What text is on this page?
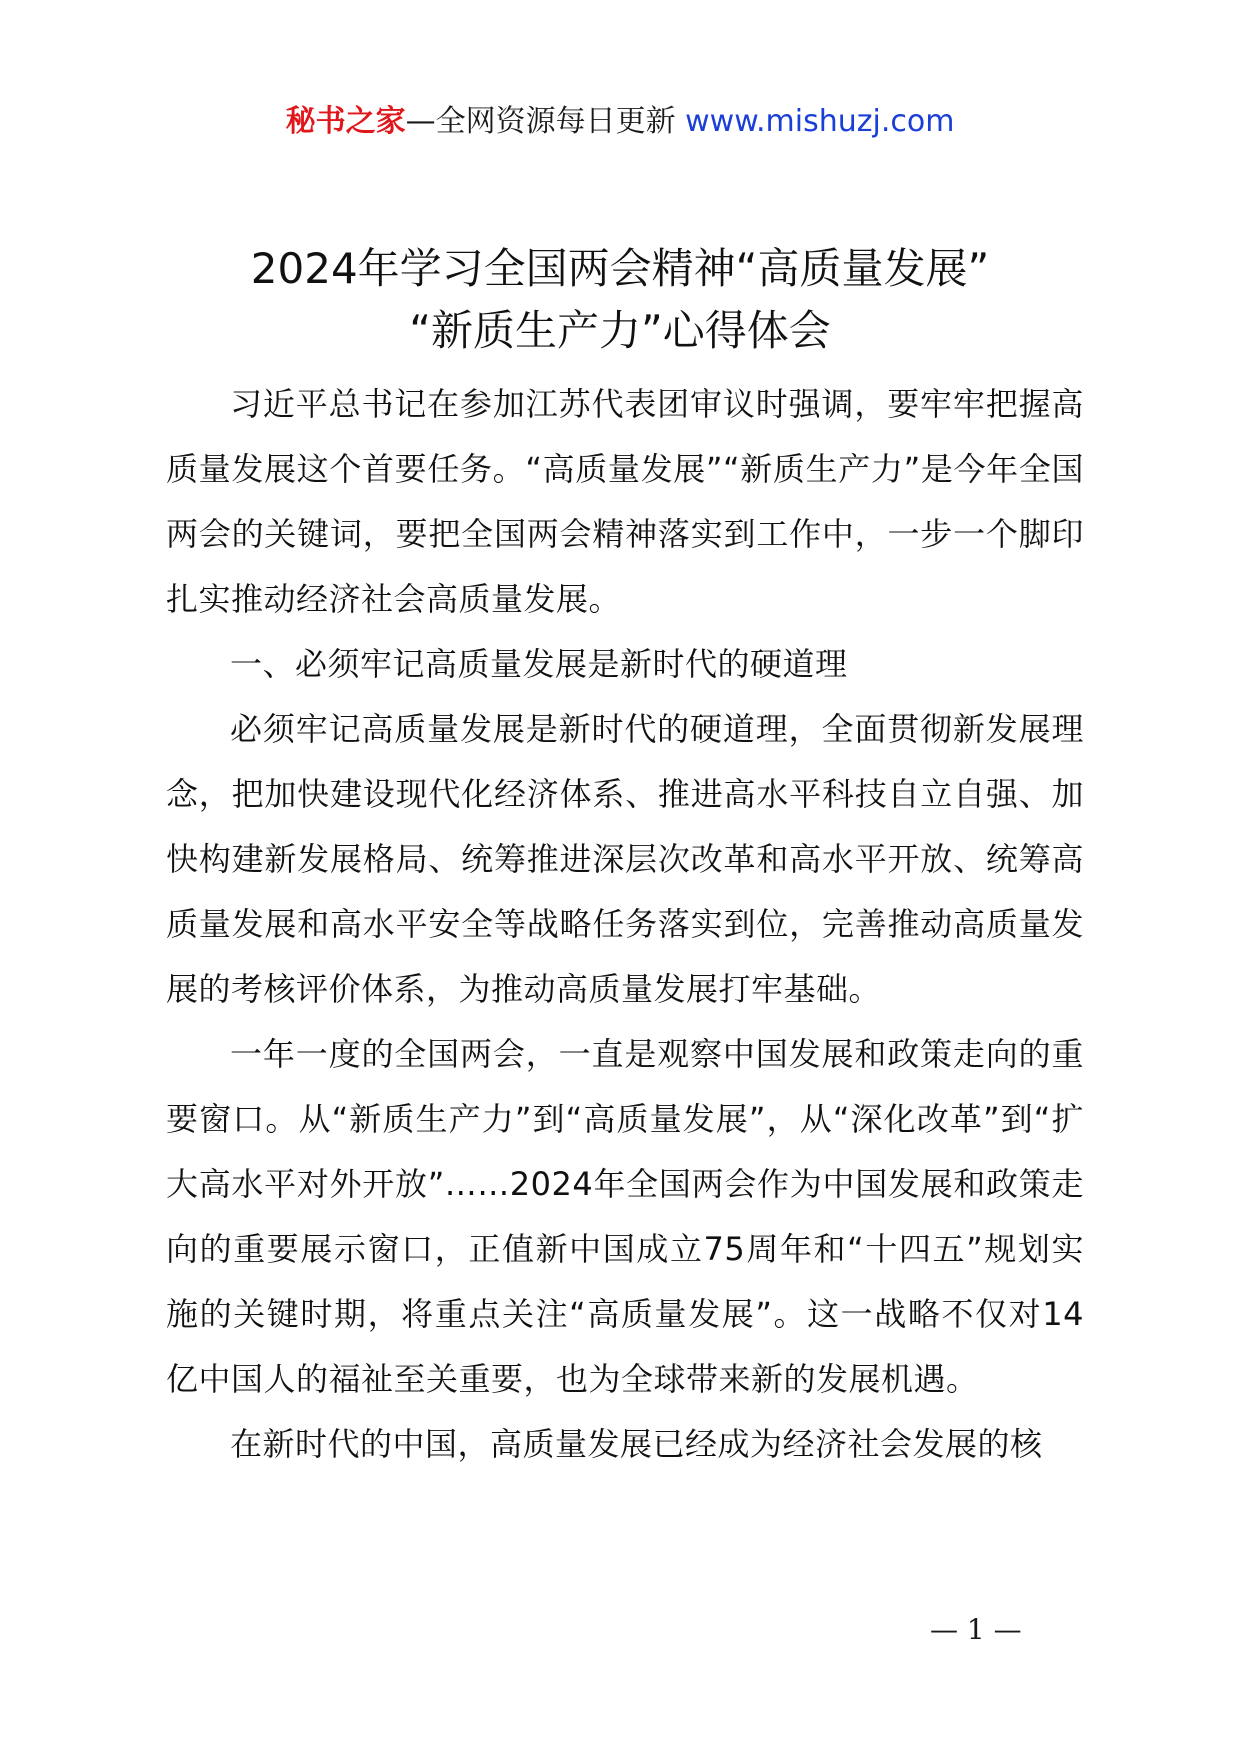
秘书之家—全网资源每日更新 www.mishuzj.com
2024年学习全国两会精神“高质量发展”
“新质生产力”心得体会

习近平总书记在参加江苏代表团审议时强调，要牢牢把握高质量发展这个首要任务。“高质量发展”“新质生产力”是今年全国两会的关键词，要把全国两会精神落实到工作中，一步一个脚印扎实推动经济社会高质量发展。

一、必须牢记高质量发展是新时代的硬道理

必须牢记高质量发展是新时代的硬道理，全面贯彻新发展理念，把加快建设现代化经济体系、推进高水平科技自立自强、加快构建新发展格局、统筹推进深层次改革和高水平开放、统筹高质量发展和高水平安全等战略任务落实到位，完善推动高质量发展的考核评价体系，为推动高质量发展打牢基础。

一年一度的全国两会，一直是观察中国发展和政策走向的重要窗口。从“新质生产力”到“高质量发展”，从“深化改革”到“扩大高水平对外开放”……2024年全国两会作为中国发展和政策走向的重要展示窗口，正值新中国成立75周年和“十四五”规划实施的关键时期，将重点关注“高质量发展”。这一战略不仅对14亿中国人的福祉至关重要，也为全球带来新的发展机遇。

在新时代的中国，高质量发展已经成为经济社会发展的核

— 1 —
